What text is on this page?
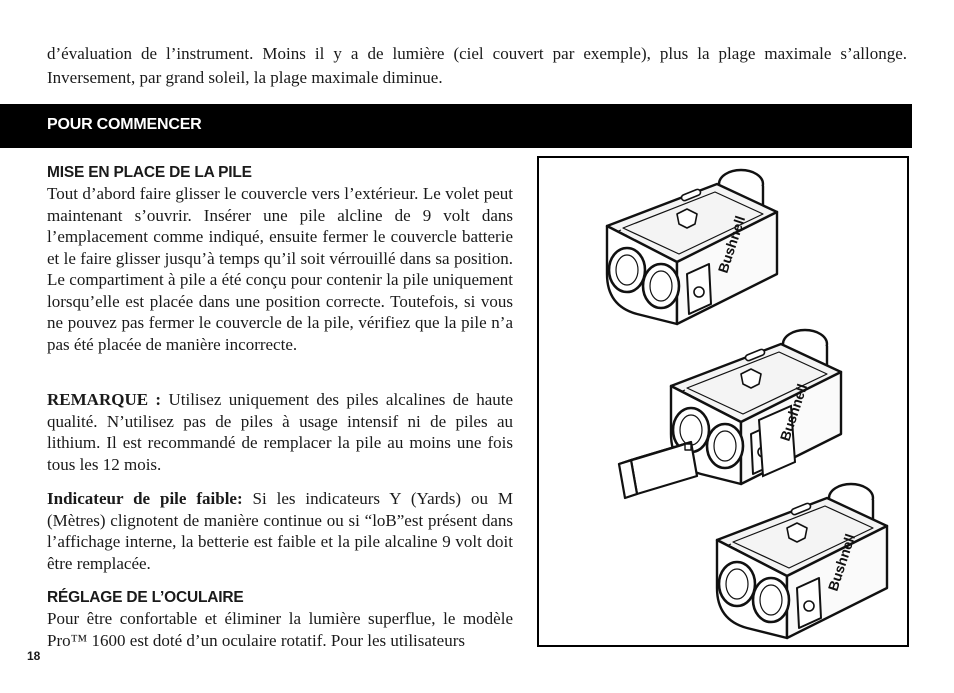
d’évaluation de l’instrument. Moins il y a de lumière (ciel couvert par exemple), plus la plage maximale s’allonge. Inversement, par grand soleil, la plage maximale diminue.

POUR COMMENCER
MISE EN PLACE DE LA PILE

Tout d’abord faire glisser le couvercle vers l’extérieur. Le volet peut maintenant s’ouvrir. Insérer une pile alcline de 9 volt dans l’emplacement comme indiqué, ensuite fermer le couvercle batterie et le faire glisser jusqu’à temps qu’il soit vérrouillé dans sa position. Le compartiment à pile a été conçu pour contenir la pile uniquement lorsqu’elle est placée dans une position correcte. Toutefois, si vous ne pouvez pas fermer le couvercle de la pile, vérifiez que la pile n’a pas été placée de manière incorrecte.

REMARQUE : Utilisez uniquement des piles alcalines de haute qualité. N’utilisez pas de piles à usage intensif ni de piles au lithium. Il est recommandé de remplacer la pile au moins une fois tous les 12 mois.

Indicateur de pile faible: Si les indicateurs Y (Yards) ou M (Mètres) clignotent de manière continue ou si “loB”est présent dans l’affichage interne, la betterie est faible et la pile alcaline 9 volt doit être remplacée.

RÉGLAGE DE L’OCULAIRE

Pour être confortable et éliminer la lumière superflue, le modèle Pro™ 1600 est doté d’un oculaire rotatif. Pour les utilisateurs

Bushnell
Bushnell
Bushnell
18
